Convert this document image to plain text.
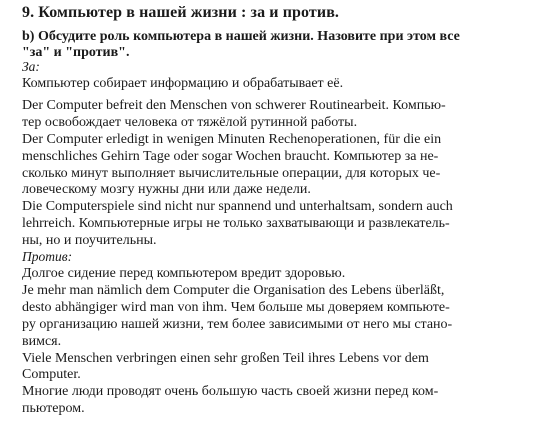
9. Компьютер в нашей жизни : за и против.
b) Обсудите роль компьютера в нашей жизни. Назовите при этом все "за" и "против".
За:
Компьютер собирает информацию и обрабатывает её.
Der Computer befreit den Menschen von schwerer Routinearbeit. Компью-
тер освобождает человека от тяжёлой рутинной работы.
Der Computer erledigt in wenigen Minuten Rechenoperationen, für die ein
menschliches Gehirn Tage oder sogar Wochen braucht. Компьютер за не-
сколько минут выполняет вычислительные операции, для которых че-
ловеческому мозгу нужны дни или даже недели.
Die Computerspiele sind nicht nur spannend und unterhaltsam, sondern auch
lehrreich. Компьютерные игры не только захватывающи и развлекатель-
ны, но и поучительны.
Против:
Долгое сидение перед компьютером вредит здоровью.
Je mehr man nämlich dem Computer die Organisation des Lebens überläßt,
desto abhängiger wird man von ihm. Чем больше мы доверяем компьюте-
ру организацию нашей жизни, тем более зависимыми от него мы стано-
вимся.
Viele Menschen verbringen einen sehr großen Teil ihres Lebens vor dem
Computer.
Многие люди проводят очень большую часть своей жизни перед ком-
пьютером.
